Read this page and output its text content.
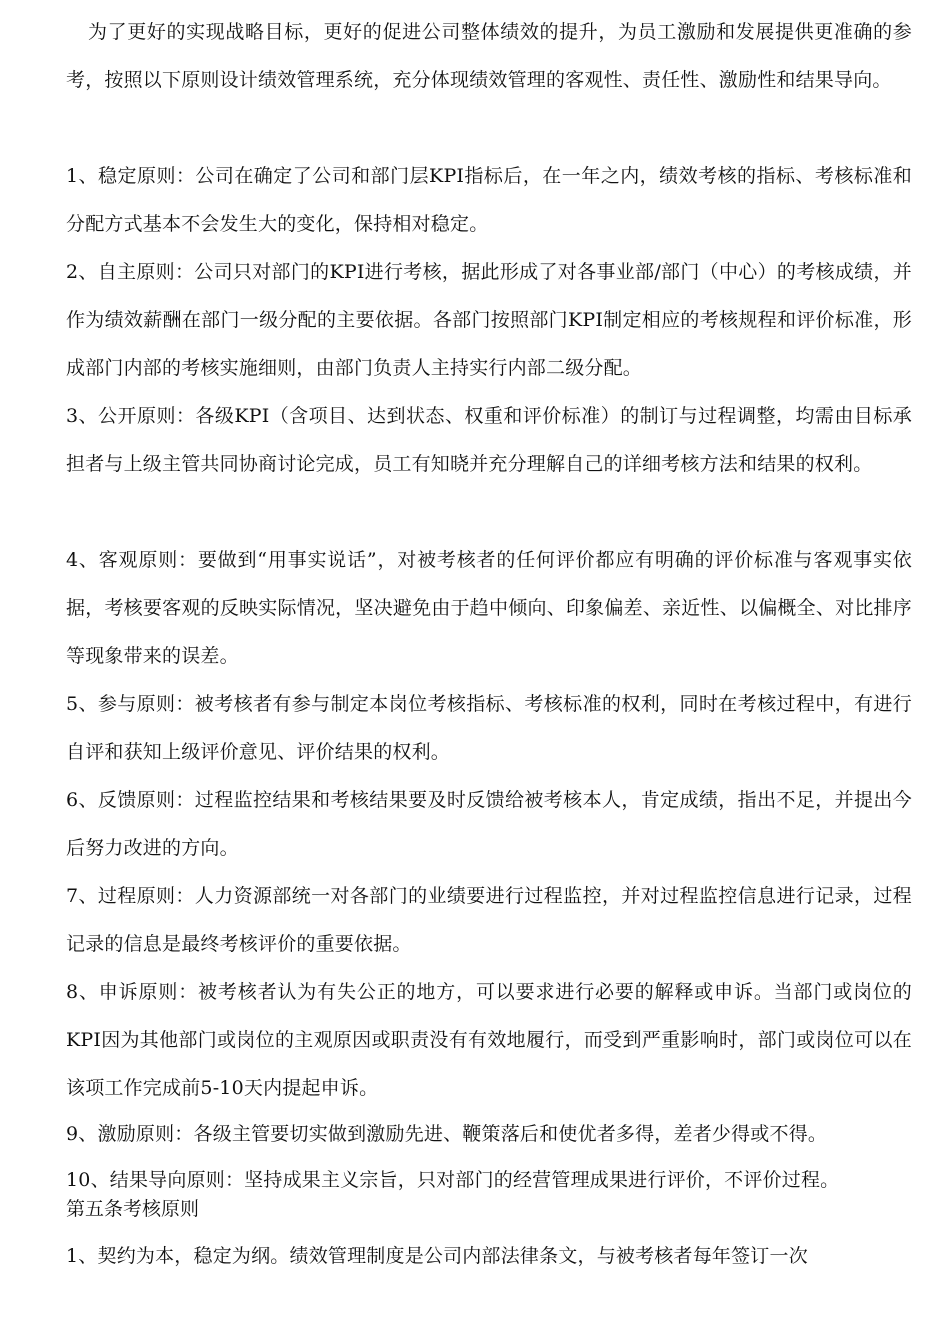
为了更好的实现战略目标，更好的促进公司整体绩效的提升，为员工激励和发展提供更准确的参考，按照以下原则设计绩效管理系统，充分体现绩效管理的客观性、责任性、激励性和结果导向。

1、稳定原则：公司在确定了公司和部门层KPI指标后，在一年之内，绩效考核的指标、考核标准和分配方式基本不会发生大的变化，保持相对稳定。

2、自主原则：公司只对部门的KPI进行考核，据此形成了对各事业部/部门（中心）的考核成绩，并作为绩效薪酬在部门一级分配的主要依据。各部门按照部门KPI制定相应的考核规程和评价标准，形成部门内部的考核实施细则，由部门负责人主持实行内部二级分配。

3、公开原则：各级KPI（含项目、达到状态、权重和评价标准）的制订与过程调整，均需由目标承担者与上级主管共同协商讨论完成，员工有知晓并充分理解自己的详细考核方法和结果的权利。

4、客观原则：要做到“用事实说话”，对被考核者的任何评价都应有明确的评价标准与客观事实依据，考核要客观的反映实际情况，坚决避免由于趋中倾向、印象偏差、亲近性、以偏概全、对比排序等现象带来的误差。

5、参与原则：被考核者有参与制定本岗位考核指标、考核标准的权利，同时在考核过程中，有进行自评和获知上级评价意见、评价结果的权利。

6、反馈原则：过程监控结果和考核结果要及时反馈给被考核本人，肯定成绩，指出不足，并提出今后努力改进的方向。

7、过程原则：人力资源部统一对各部门的业绩要进行过程监控，并对过程监控信息进行记录，过程记录的信息是最终考核评价的重要依据。

8、申诉原则：被考核者认为有失公正的地方，可以要求进行必要的解释或申诉。当部门或岗位的KPI因为其他部门或岗位的主观原因或职责没有有效地履行，而受到严重影响时，部门或岗位可以在该项工作完成前5-10天内提起申诉。

9、激励原则：各级主管要切实做到激励先进、鞭策落后和使优者多得，差者少得或不得。

10、结果导向原则：坚持成果主义宗旨，只对部门的经营管理成果进行评价，不评价过程。

第五条考核原则

1、契约为本，稳定为纲。绩效管理制度是公司内部法律条文，与被考核者每年签订一次
